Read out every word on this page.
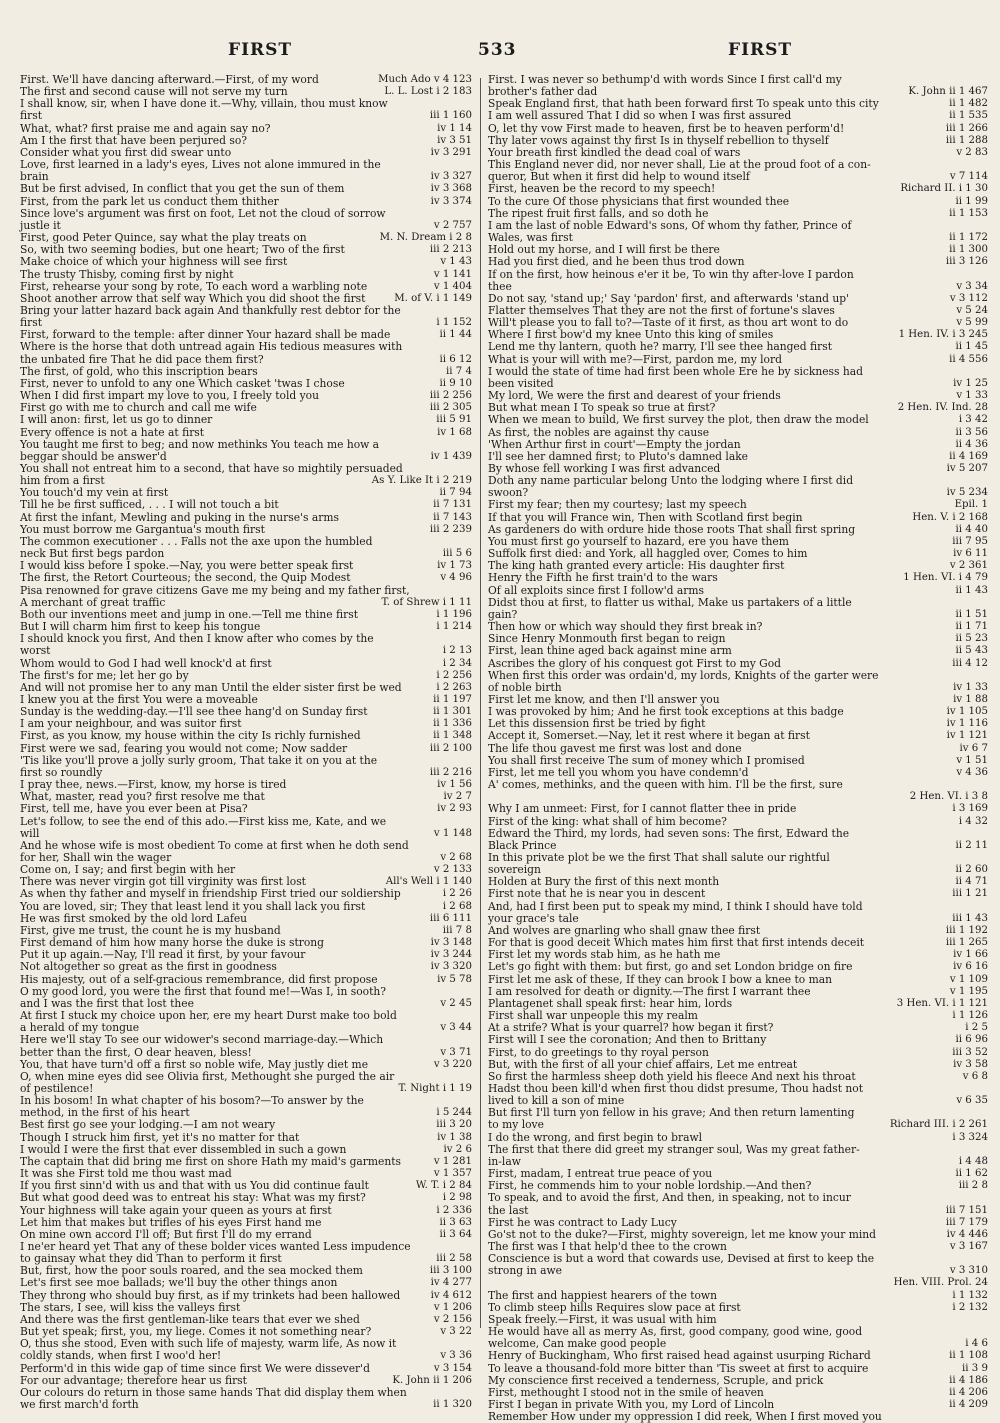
FIRST	533	FIRST
First. We'll have dancing afterward.—First, of my word	Much Ado v 4 123
The first and second cause will not serve my turn	L. L. Lost i 2 183
I shall know, sir, when I have done it.—Why, villain, thou must know
first	iii 1 160
What, what? first praise me and again say no?	iv 1 14
Am I the first that have been perjured so?	iv 3 51
Consider what you first did swear unto	iv 3 291
Love, first learned in a lady's eyes, Lives not alone immured in the
brain	iv 3 327
But be first advised, In conflict that you get the sun of them	iv 3 368
First, from the park let us conduct them thither	iv 3 374
Since love's argument was first on foot, Let not the cloud of sorrow
justle it	v 2 757
First, good Peter Quince, say what the play treats on	M. N. Dream i 2 8
So, with two seeming bodies, but one heart; Two of the first	iii 2 213
Make choice of which your highness will see first	v 1 43
The trusty Thisby, coming first by night	v 1 141
First, rehearse your song by rote, To each word a warbling note	v 1 404
Shoot another arrow that self way Which you did shoot the first	M. of V. i 1 149
Bring your latter hazard back again And thankfully rest debtor for the
first	i 1 152
First, forward to the temple: after dinner Your hazard shall be made	ii 1 44
Where is the horse that doth untread again His tedious measures with
the unbated fire That he did pace them first?	ii 6 12
The first, of gold, who this inscription bears	ii 7 4
First, never to unfold to any one Which casket 'twas I chose	ii 9 10
When I did first impart my love to you, I freely told you	iii 2 256
First go with me to church and call me wife	iii 2 305
I will anon: first, let us go to dinner	iii 5 91
Every offence is not a hate at first	iv 1 68
You taught me first to beg; and now methinks You teach me how a
beggar should be answer'd	iv 1 439
You shall not entreat him to a second, that have so mightily persuaded
him from a first	As Y. Like It i 2 219
You touch'd my vein at first	ii 7 94
Till he be first sufficed, . . . I will not touch a bit	ii 7 131
At first the infant, Mewling and puking in the nurse's arms	ii 7 143
You must borrow me Gargantua's mouth first	iii 2 239
The common executioner . . . Falls not the axe upon the humbled
neck But first begs pardon	iii 5 6
I would kiss before I spoke.—Nay, you were better speak first	iv 1 73
The first, the Retort Courteous; the second, the Quip Modest	v 4 96
Pisa renowned for grave citizens Gave me my being and my father first,
A merchant of great traffic	T. of Shrew i 1 11
Both our inventions meet and jump in one.—Tell me thine first	i 1 196
But I will charm him first to keep his tongue	i 1 214
I should knock you first, And then I know after who comes by the
worst	i 2 13
Whom would to God I had well knock'd at first	i 2 34
The first's for me; let her go by	i 2 256
And will not promise her to any man Until the elder sister first be wed	i 2 263
I knew you at the first You were a moveable	ii 1 197
Sunday is the wedding-day.—I'll see thee hang'd on Sunday first	ii 1 301
I am your neighbour, and was suitor first	ii 1 336
First, as you know, my house within the city Is richly furnished	ii 1 348
First were we sad, fearing you would not come; Now sadder	iii 2 100
'Tis like you'll prove a jolly surly groom, That take it on you at the
first so roundly	iii 2 216
I pray thee, news.—First, know, my horse is tired	iv 1 56
What, master, read you? first resolve me that	iv 2 7
First, tell me, have you ever been at Pisa?	iv 2 93
Let's follow, to see the end of this ado.—First kiss me, Kate, and we
will	v 1 148
And he whose wife is most obedient To come at first when he doth send
for her, Shall win the wager	v 2 68
Come on, I say; and first begin with her	v 2 133
There was never virgin got till virginity was first lost	All's Well i 1 140
As when thy father and myself in friendship First tried our soldiership	i 2 26
You are loved, sir; They that least lend it you shall lack you first	i 2 68
He was first smoked by the old lord Lafeu	iii 6 111
First, give me trust, the count he is my husband	iii 7 8
First demand of him how many horse the duke is strong	iv 3 148
Put it up again.—Nay, I'll read it first, by your favour	iv 3 244
Not altogether so great as the first in goodness	iv 3 320
His majesty, out of a self-gracious remembrance, did first propose	iv 5 78
O my good lord, you were the first that found me!—Was I, in sooth?
and I was the first that lost thee	v 2 45
At first I stuck my choice upon her, ere my heart Durst make too bold
a herald of my tongue	v 3 44
Here we'll stay To see our widower's second marriage-day.—Which
better than the first, O dear heaven, bless!	v 3 71
You, that have turn'd off a first so noble wife, May justly diet me	v 3 220
O, when mine eyes did see Olivia first, Methought she purged the air
of pestilence!	T. Night i 1 19
In his bosom! In what chapter of his bosom?—To answer by the
method, in the first of his heart	i 5 244
Best first go see your lodging.—I am not weary	iii 3 20
Though I struck him first, yet it's no matter for that	iv 1 38
I would I were the first that ever dissembled in such a gown	iv 2 6
The captain that did bring me first on shore Hath my maid's garments	v 1 281
It was she First told me thou wast mad	v 1 357
If you first sinn'd with us and that with us You did continue fault	W. T. i 2 84
But what good deed was to entreat his stay: What was my first?	i 2 98
Your highness will take again your queen as yours at first	i 2 336
Let him that makes but trifles of his eyes First hand me	ii 3 63
On mine own accord I'll off; But first I'll do my errand	ii 3 64
I ne'er heard yet That any of these bolder vices wanted Less impudence
to gainsay what they did Than to perform it first	iii 2 58
But, first, how the poor souls roared, and the sea mocked them	iii 3 100
Let's first see moe ballads; we'll buy the other things anon	iv 4 277
They throng who should buy first, as if my trinkets had been hallowed	iv 4 612
The stars, I see, will kiss the valleys first	v 1 206
And there was the first gentleman-like tears that ever we shed	v 2 156
But yet speak; first, you, my liege. Comes it not something near?	v 3 22
O, thus she stood, Even with such life of majesty, warm life, As now it
coldly stands, when first I woo'd her!	v 3 36
Perform'd in this wide gap of time since first We were dissever'd	v 3 154
For our advantage; therefore hear us first	K. John ii 1 206
Our colours do return in those same hands That did display them when
we first march'd forth	ii 1 320
First. I was never so bethump'd with words Since I first call'd my
brother's father dad	K. John ii 1 467
Speak England first, that hath been forward first To speak unto this city	ii 1 482
I am well assured That I did so when I was first assured	ii 1 535
O, let thy vow First made to heaven, first be to heaven perform'd!	iii 1 266
Thy later vows against thy first Is in thyself rebellion to thyself	iii 1 288
Your breath first kindled the dead coal of wars	v 2 83
This England never did, nor never shall, Lie at the proud foot of a con-
queror, But when it first did help to wound itself	v 7 114
First, heaven be the record to my speech!	Richard II. i 1 30
To the cure Of those physicians that first wounded thee	ii 1 99
The ripest fruit first falls, and so doth he	ii 1 153
I am the last of noble Edward's sons, Of whom thy father, Prince of
Wales, was first	ii 1 172
Hold out my horse, and I will first be there	ii 1 300
Had you first died, and he been thus trod down	iii 3 126
If on the first, how heinous e'er it be, To win thy after-love I pardon
thee	v 3 34
Do not say, 'stand up;' Say 'pardon' first, and afterwards 'stand up'	v 3 112
Flatter themselves That they are not the first of fortune's slaves	v 5 24
Will't please you to fall to?—Taste of it first, as thou art wont to do	v 5 99
Where I first bow'd my knee Unto this king of smiles	1 Hen. IV. i 3 245
Lend me thy lantern, quoth he? marry, I'll see thee hanged first	ii 1 45
What is your will with me?—First, pardon me, my lord	ii 4 556
I would the state of time had first been whole Ere he by sickness had
been visited	iv 1 25
My lord, We were the first and dearest of your friends	v 1 33
But what mean I To speak so true at first?	2 Hen. IV. Ind. 28
When we mean to build, We first survey the plot, then draw the model	i 3 42
As first, the nobles are against thy cause	ii 3 56
'When Arthur first in court'—Empty the jordan	ii 4 36
I'll see her damned first; to Pluto's damned lake	ii 4 169
By whose fell working I was first advanced	iv 5 207
Doth any name particular belong Unto the lodging where I first did
swoon?	iv 5 234
First my fear; then my courtesy; last my speech	Epil. 1
If that you will France win, Then with Scotland first begin	Hen. V. i 2 168
As gardeners do with ordure hide those roots That shall first spring	ii 4 40
You must first go yourself to hazard, ere you have them	iii 7 95
Suffolk first died: and York, all haggled over, Comes to him	iv 6 11
The king hath granted every article: His daughter first	v 2 361
Henry the Fifth he first train'd to the wars	1 Hen. VI. i 4 79
Of all exploits since first I follow'd arms	ii 1 43
Didst thou at first, to flatter us withal, Make us partakers of a little
gain?	ii 1 51
Then how or which way should they first break in?	ii 1 71
Since Henry Monmouth first began to reign	ii 5 23
First, lean thine aged back against mine arm	ii 5 43
Ascribes the glory of his conquest got First to my God	iii 4 12
When first this order was ordain'd, my lords, Knights of the garter were
of noble birth	iv 1 33
First let me know, and then I'll answer you	iv 1 88
I was provoked by him; And he first took exceptions at this badge	iv 1 105
Let this dissension first be tried by fight	iv 1 116
Accept it, Somerset.—Nay, let it rest where it began at first	iv 1 121
The life thou gavest me first was lost and done	iv 6 7
You shall first receive The sum of money which I promised	v 1 51
First, let me tell you whom you have condemn'd	v 4 36
A' comes, methinks, and the queen with him. I'll be the first, sure
2 Hen. VI. i 3 8
Why I am unmeet: First, for I cannot flatter thee in pride	i 3 169
First of the king: what shall of him become?	i 4 32
Edward the Third, my lords, had seven sons: The first, Edward the
Black Prince	ii 2 11
In this private plot be we the first That shall salute our rightful
sovereign	ii 2 60
Holden at Bury the first of this next month	ii 4 71
First note that he is near you in descent	iii 1 21
And, had I first been put to speak my mind, I think I should have told
your grace's tale	iii 1 43
And wolves are gnarling who shall gnaw thee first	iii 1 192
For that is good deceit Which mates him first that first intends deceit	iii 1 265
First let my words stab him, as he hath me	iv 1 66
Let's go fight with them: but first, go and set London bridge on fire	iv 6 16
First let me ask of these, If they can brook I bow a knee to man	v 1 109
I am resolved for death or dignity.—The first I warrant thee	v 1 195
Plantagenet shall speak first: hear him, lords	3 Hen. VI. i 1 121
First shall war unpeople this my realm	i 1 126
At a strife? What is your quarrel? how began it first?	i 2 5
First will I see the coronation; And then to Brittany	ii 6 96
First, to do greetings to thy royal person	iii 3 52
But, with the first of all your chief affairs, Let me entreat	iv 3 58
So first the harmless sheep doth yield his fleece And next his throat	v 6 8
Hadst thou been kill'd when first thou didst presume, Thou hadst not
lived to kill a son of mine	v 6 35
But first I'll turn yon fellow in his grave; And then return lamenting
to my love	Richard III. i 2 261
I do the wrong, and first begin to brawl	i 3 324
The first that there did greet my stranger soul, Was my great father-
in-law	i 4 48
First, madam, I entreat true peace of you	ii 1 62
First, he commends him to your noble lordship.—And then?	iii 2 8
To speak, and to avoid the first, And then, in speaking, not to incur
the last	iii 7 151
First he was contract to Lady Lucy	iii 7 179
Go'st not to the duke?—First, mighty sovereign, let me know your mind	iv 4 446
The first was I that help'd thee to the crown	v 3 167
Conscience is but a word that cowards use, Devised at first to keep the
strong in awe	v 3 310
Hen. VIII. Prol. 24
The first and happiest hearers of the town	i 1 132
To climb steep hills Requires slow pace at first	i 2 132
Speak freely.—First, it was usual with him
He would have all as merry As, first, good company, good wine, good
welcome, Can make good people	i 4 6
Henry of Buckingham, Who first raised head against usurping Richard	ii 1 108
To leave a thousand-fold more bitter than 'Tis sweet at first to acquire	ii 3 9
My conscience first received a tenderness, Scruple, and prick	ii 4 186
First, methought I stood not in the smile of heaven	ii 4 206
First I began in private With you, my Lord of Lincoln	ii 4 209
Remember How under my oppression I did reek, When I first moved you
